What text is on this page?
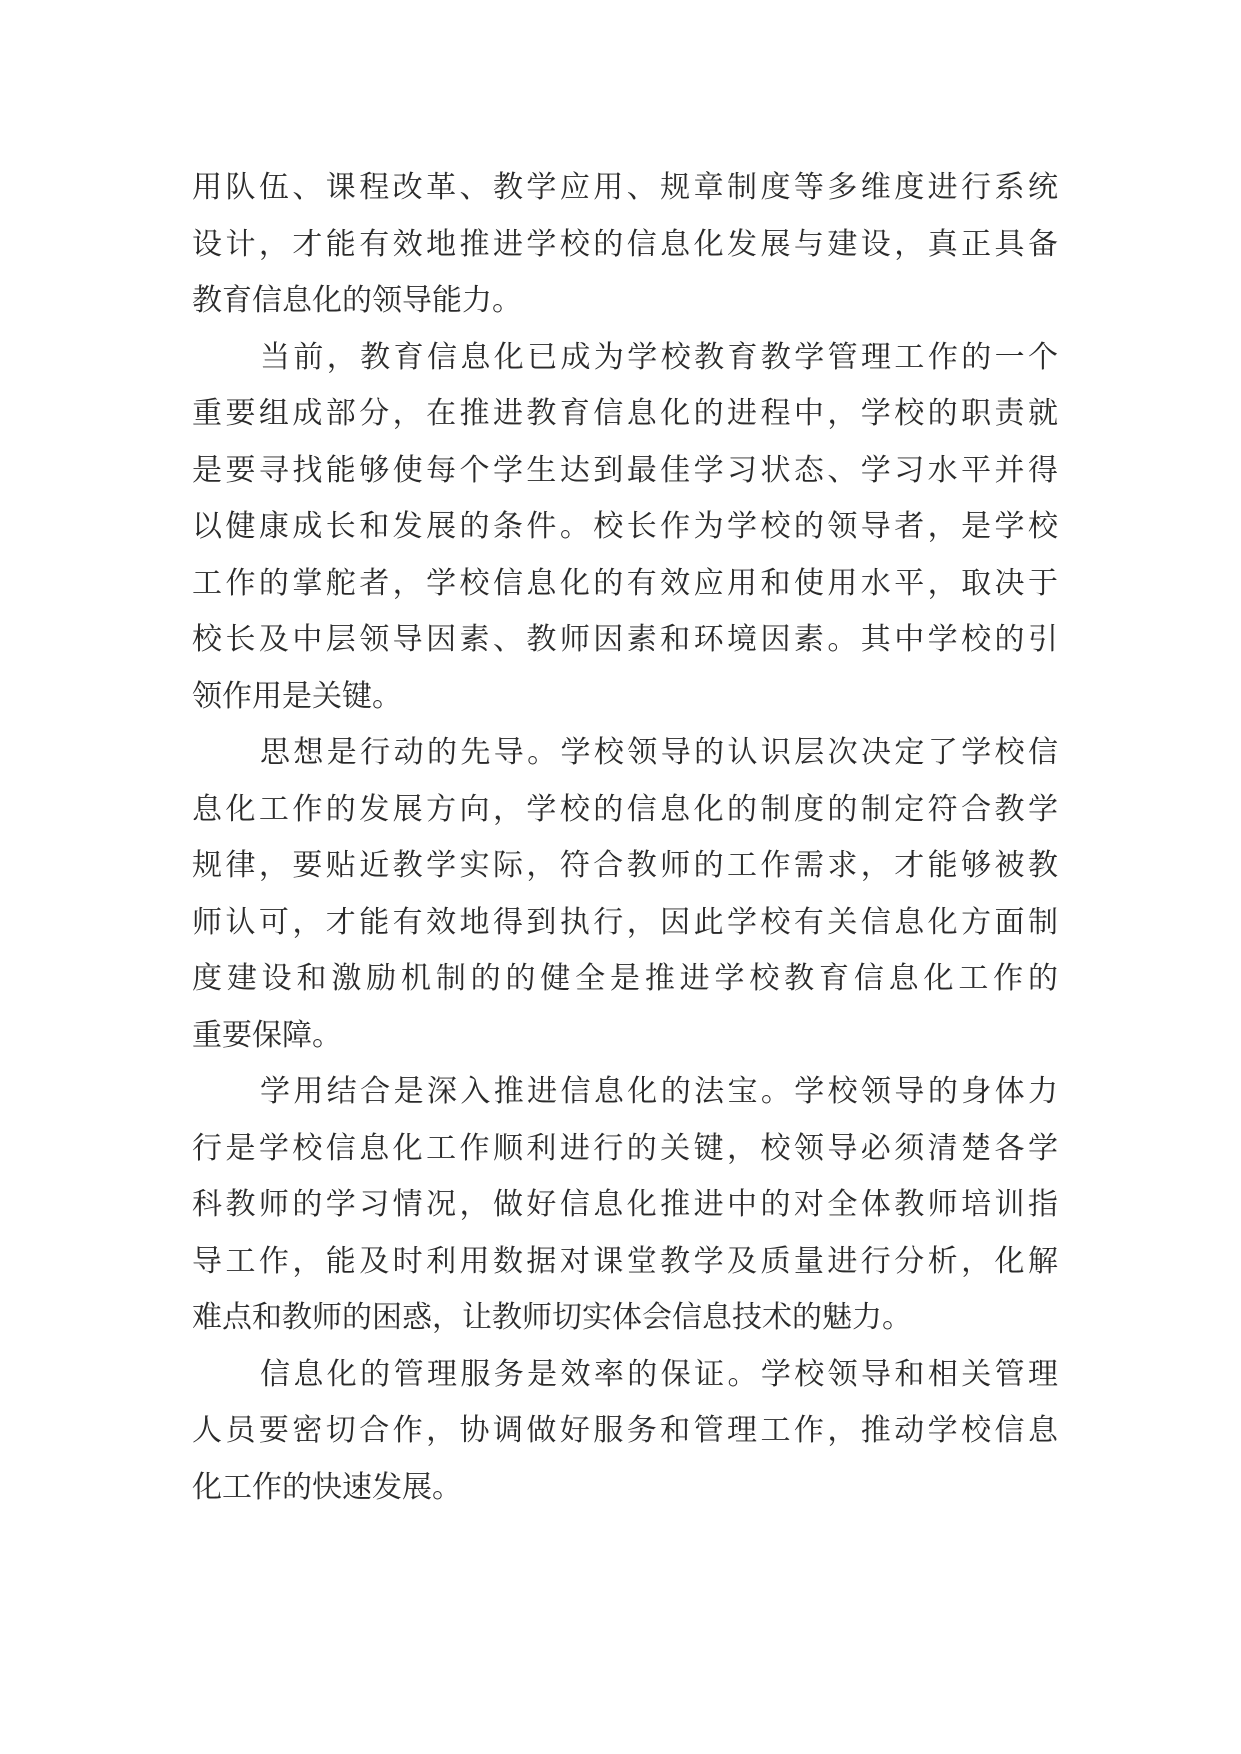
用队伍、课程改革、教学应用、规章制度等多维度进行系统
设计，才能有效地推进学校的信息化发展与建设，真正具备
教育信息化的领导能力。
当前，教育信息化已成为学校教育教学管理工作的一个
重要组成部分，在推进教育信息化的进程中，学校的职责就
是要寻找能够使每个学生达到最佳学习状态、学习水平并得
以健康成长和发展的条件。校长作为学校的领导者，是学校
工作的掌舵者，学校信息化的有效应用和使用水平，取决于
校长及中层领导因素、教师因素和环境因素。其中学校的引
领作用是关键。
思想是行动的先导。学校领导的认识层次决定了学校信
息化工作的发展方向，学校的信息化的制度的制定符合教学
规律，要贴近教学实际，符合教师的工作需求，才能够被教
师认可，才能有效地得到执行，因此学校有关信息化方面制
度建设和激励机制的的健全是推进学校教育信息化工作的
重要保障。
学用结合是深入推进信息化的法宝。学校领导的身体力
行是学校信息化工作顺利进行的关键，校领导必须清楚各学
科教师的学习情况，做好信息化推进中的对全体教师培训指
导工作，能及时利用数据对课堂教学及质量进行分析，化解
难点和教师的困惑，让教师切实体会信息技术的魅力。
信息化的管理服务是效率的保证。学校领导和相关管理
人员要密切合作，协调做好服务和管理工作，推动学校信息
化工作的快速发展。
